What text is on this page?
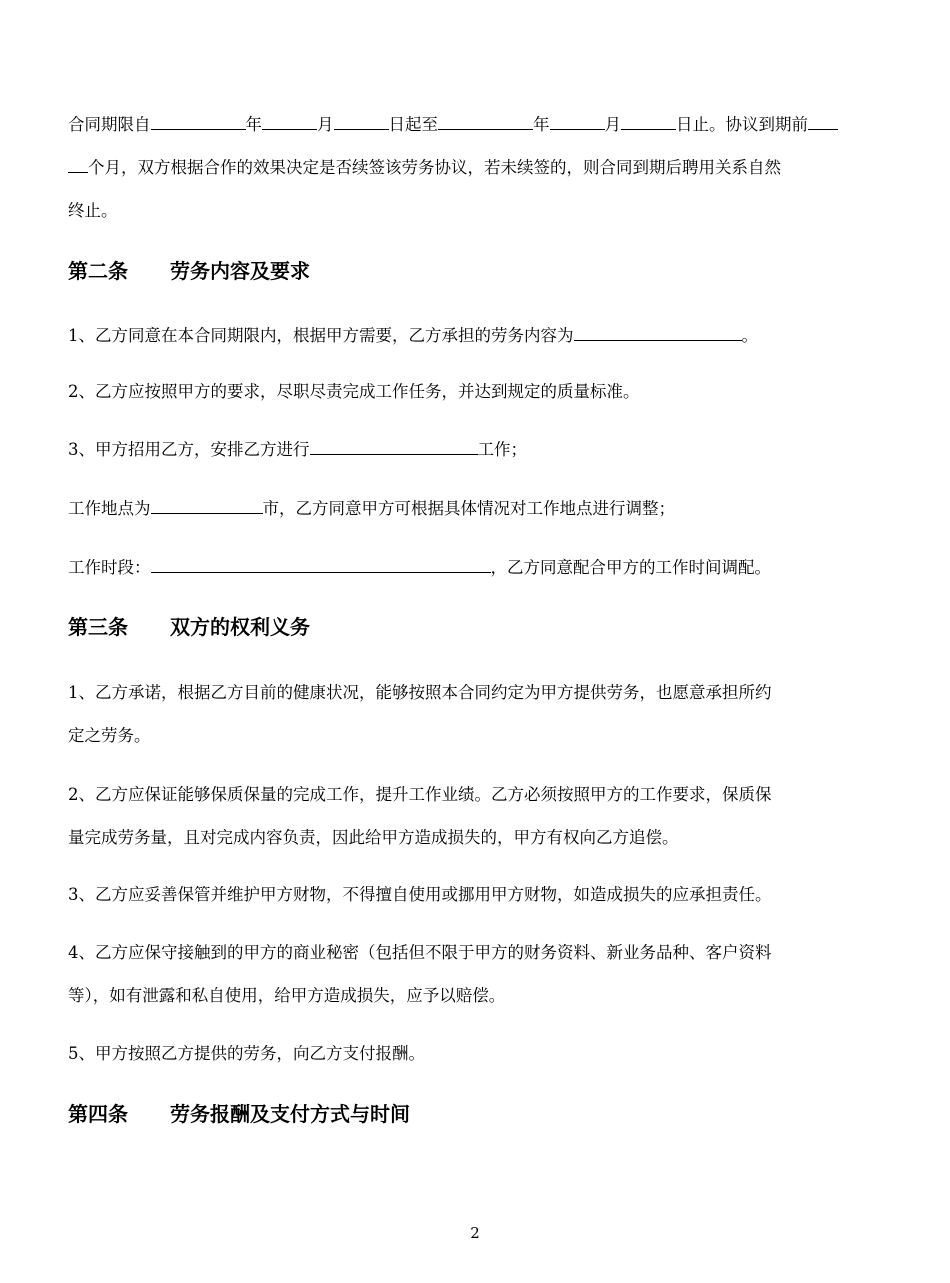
合同期限自	年	月	日起至	年	月	日止。协议到期前

个月，双方根据合作的效果决定是否续签该劳务协议，若未续签的，则合同到期后聘用关系自然

终止。

第二条 劳务内容及要求

1、乙方同意在本合同期限内，根据甲方需要，乙方承担的劳务内容为	。

2、乙方应按照甲方的要求，尽职尽责完成工作任务，并达到规定的质量标准。

3、甲方招用乙方，安排乙方进行	工作；

工作地点为	市，乙方同意甲方可根据具体情况对工作地点进行调整；

工作时段：	，乙方同意配合甲方的工作时间调配。

第三条 双方的权利义务

1、乙方承诺，根据乙方目前的健康状况，能够按照本合同约定为甲方提供劳务，也愿意承担所约

定之劳务。

2、乙方应保证能够保质保量的完成工作，提升工作业绩。乙方必须按照甲方的工作要求，保质保

量完成劳务量，且对完成内容负责，因此给甲方造成损失的，甲方有权向乙方追偿。

3、乙方应妥善保管并维护甲方财物，不得擅自使用或挪用甲方财物，如造成损失的应承担责任。

4、乙方应保守接触到的甲方的商业秘密（包括但不限于甲方的财务资料、新业务品种、客户资料

等），如有泄露和私自使用，给甲方造成损失，应予以赔偿。

5、甲方按照乙方提供的劳务，向乙方支付报酬。

第四条 劳务报酬及支付方式与时间
2
